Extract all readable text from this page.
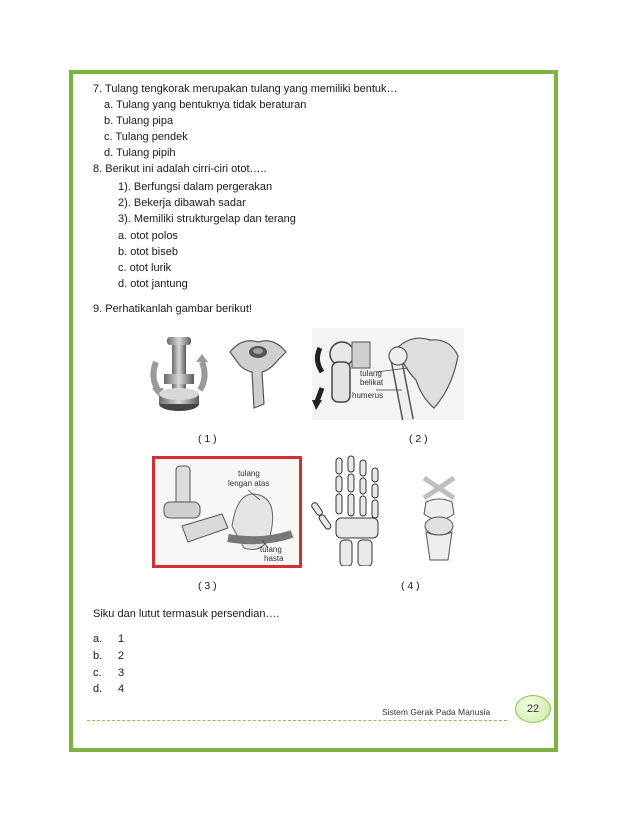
7. Tulang tengkorak merupakan tulang yang memiliki bentuk…
a. Tulang yang bentuknya tidak beraturan
b. Tulang pipa
c. Tulang pendek
d. Tulang pipih
8. Berikut ini adalah cirri-ciri otot…..
1). Berfungsi dalam pergerakan
2). Bekerja dibawah sadar
3). Memiliki strukturgelap dan terang
a. otot polos
b. otot biseb
c. otot lurik
d. otot jantung
9. Perhatikanlah gambar berikut!
tulang
belikat
humerus
( 1 )	( 2 )
tulang
lengan atas
tulang
hasta
( 3 )	( 4 )
Siku dan lutut termasuk persendian….
a. 1
b. 2
c. 3
d. 4
Sistem Gerak Pada Manusia	22
